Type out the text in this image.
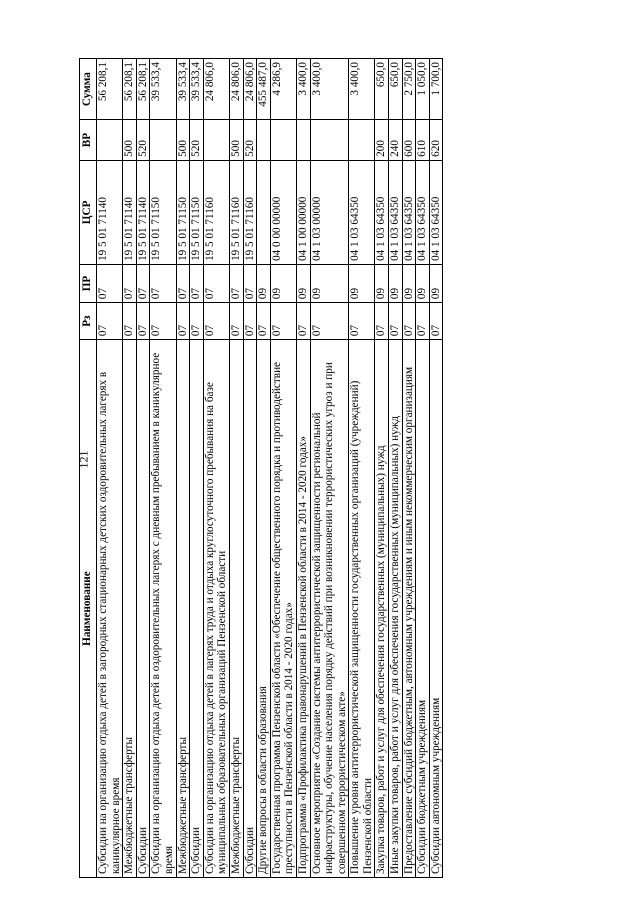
121
Наименование	Рз	ПР	ЦСР	ВР	Сумма
Субсидии на организацию отдыха детей в загородных стационарных детских оздоровительных лагерях в каникулярное время	07	07	19 5 01 71140		56 208,1
Межбюджетные трансферты	07	07	19 5 01 71140	500	56 208,1
Субсидии	07	07	19 5 01 71140	520	56 208,1
Субсидии на организацию отдыха детей в оздоровительных лагерях с дневным пребыванием в каникулярное время	07	07	19 5 01 71150		39 533,4
Межбюджетные трансферты	07	07	19 5 01 71150	500	39 533,4
Субсидии	07	07	19 5 01 71150	520	39 533,4
Субсидии на организацию отдыха детей в лагерях труда и отдыха круглосуточного пребывания на базе муниципальных образовательных организаций Пензенской области	07	07	19 5 01 71160		24 806,0
Межбюджетные трансферты	07	07	19 5 01 71160	500	24 806,0
Субсидии	07	07	19 5 01 71160	520	24 806,0
Другие вопросы в области образования	07	09			455 487,0
Государственная программа Пензенской области «Обеспечение общественного порядка и противодействие преступности в Пензенской области в 2014 - 2020 годах»	07	09	04 0 00 00000		4 286,9
Подпрограмма «Профилактика правонарушений в Пензенской области в 2014 - 2020 годах»	07	09	04 1 00 00000		3 400,0
Основное мероприятие «Создание системы антитеррористической защищенности региональной инфраструктуры, обучение населения порядку действий при возникновении террористических угроз и при совершенном террористическом акте»	07	09	04 1 03 00000		3 400,0
Повышение уровня антитеррористической защищенности государственных организаций (учреждений) Пензенской области	07	09	04 1 03 64350		3 400,0
Закупка товаров, работ и услуг для обеспечения государственных (муниципальных) нужд	07	09	04 1 03 64350	200	650,0
Иные закупки товаров, работ и услуг для обеспечения государственных (муниципальных) нужд	07	09	04 1 03 64350	240	650,0
Предоставление субсидий бюджетным, автономным учреждениям и иным некоммерческим организациям	07	09	04 1 03 64350	600	2 750,0
Субсидии бюджетным учреждениям	07	09	04 1 03 64350	610	1 050,0
Субсидии автономным учреждениям	07	09	04 1 03 64350	620	1 700,0
